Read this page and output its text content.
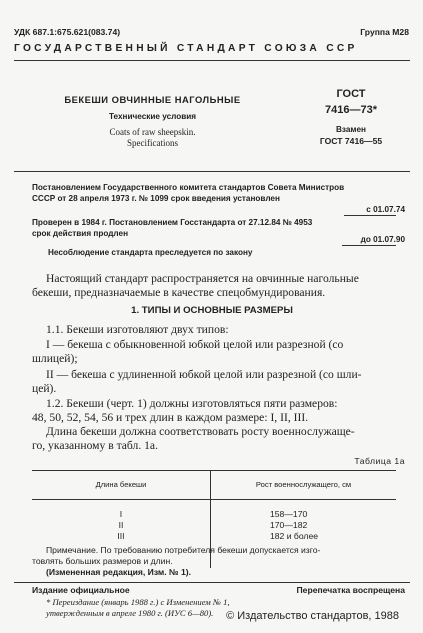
УДК 687.1:675.621(083.74)	Группа М28
ГОСУДАРСТВЕННЫЙ СТАНДАРТ СОЮЗА ССР
БЕКЕШИ ОВЧИННЫЕ НАГОЛЬНЫЕ
Технические условия
Coats of raw sheepskin.
Specifications
ГОСТ
7416—73*
Взамен
ГОСТ 7416—55
Постановлением Государственного комитета стандартов Совета Министров
СССР от 28 апреля 1973 г. № 1099 срок введения установлен
с 01.07.74
Проверен в 1984 г. Постановлением Госстандарта от 27.12.84 № 4953
срок действия продлен
до 01.07.90
Несоблюдение стандарта преследуется по закону
Настоящий стандарт распространяется на овчинные нагольные
бекеши, предназначаемые в качестве спецобмундирования.
1. ТИПЫ И ОСНОВНЫЕ РАЗМЕРЫ
1.1. Бекеши изготовляют двух типов:
I — бекеша с обыкновенной юбкой целой или разрезной (со
шлицей);
II — бекеша с удлиненной юбкой целой или разрезной (со шли-
цей).
1.2. Бекеши (черт. 1) должны изготовляться пяти размеров:
48, 50, 52, 54, 56 и трех длин в каждом размере: I, II, III.
Длина бекеши должна соответствовать росту военнослужаще-
го, указанному в табл. 1а.
Таблица 1а
Длина бекеши	Рост военнослужащего, см
I	158—170
II	170—182
III	182 и более
Примечание. По требованию потребителя бекеши допускается изго-
товлять больших размеров и длин.
(Измененная редакция, Изм. № 1).
Издание официальное	Перепечатка воспрещена
* Переиздание (январь 1988 г.) с Изменением № 1,
утвержденным в апреле 1980 г. (ИУС 6—80). © Издательство стандартов, 1988
